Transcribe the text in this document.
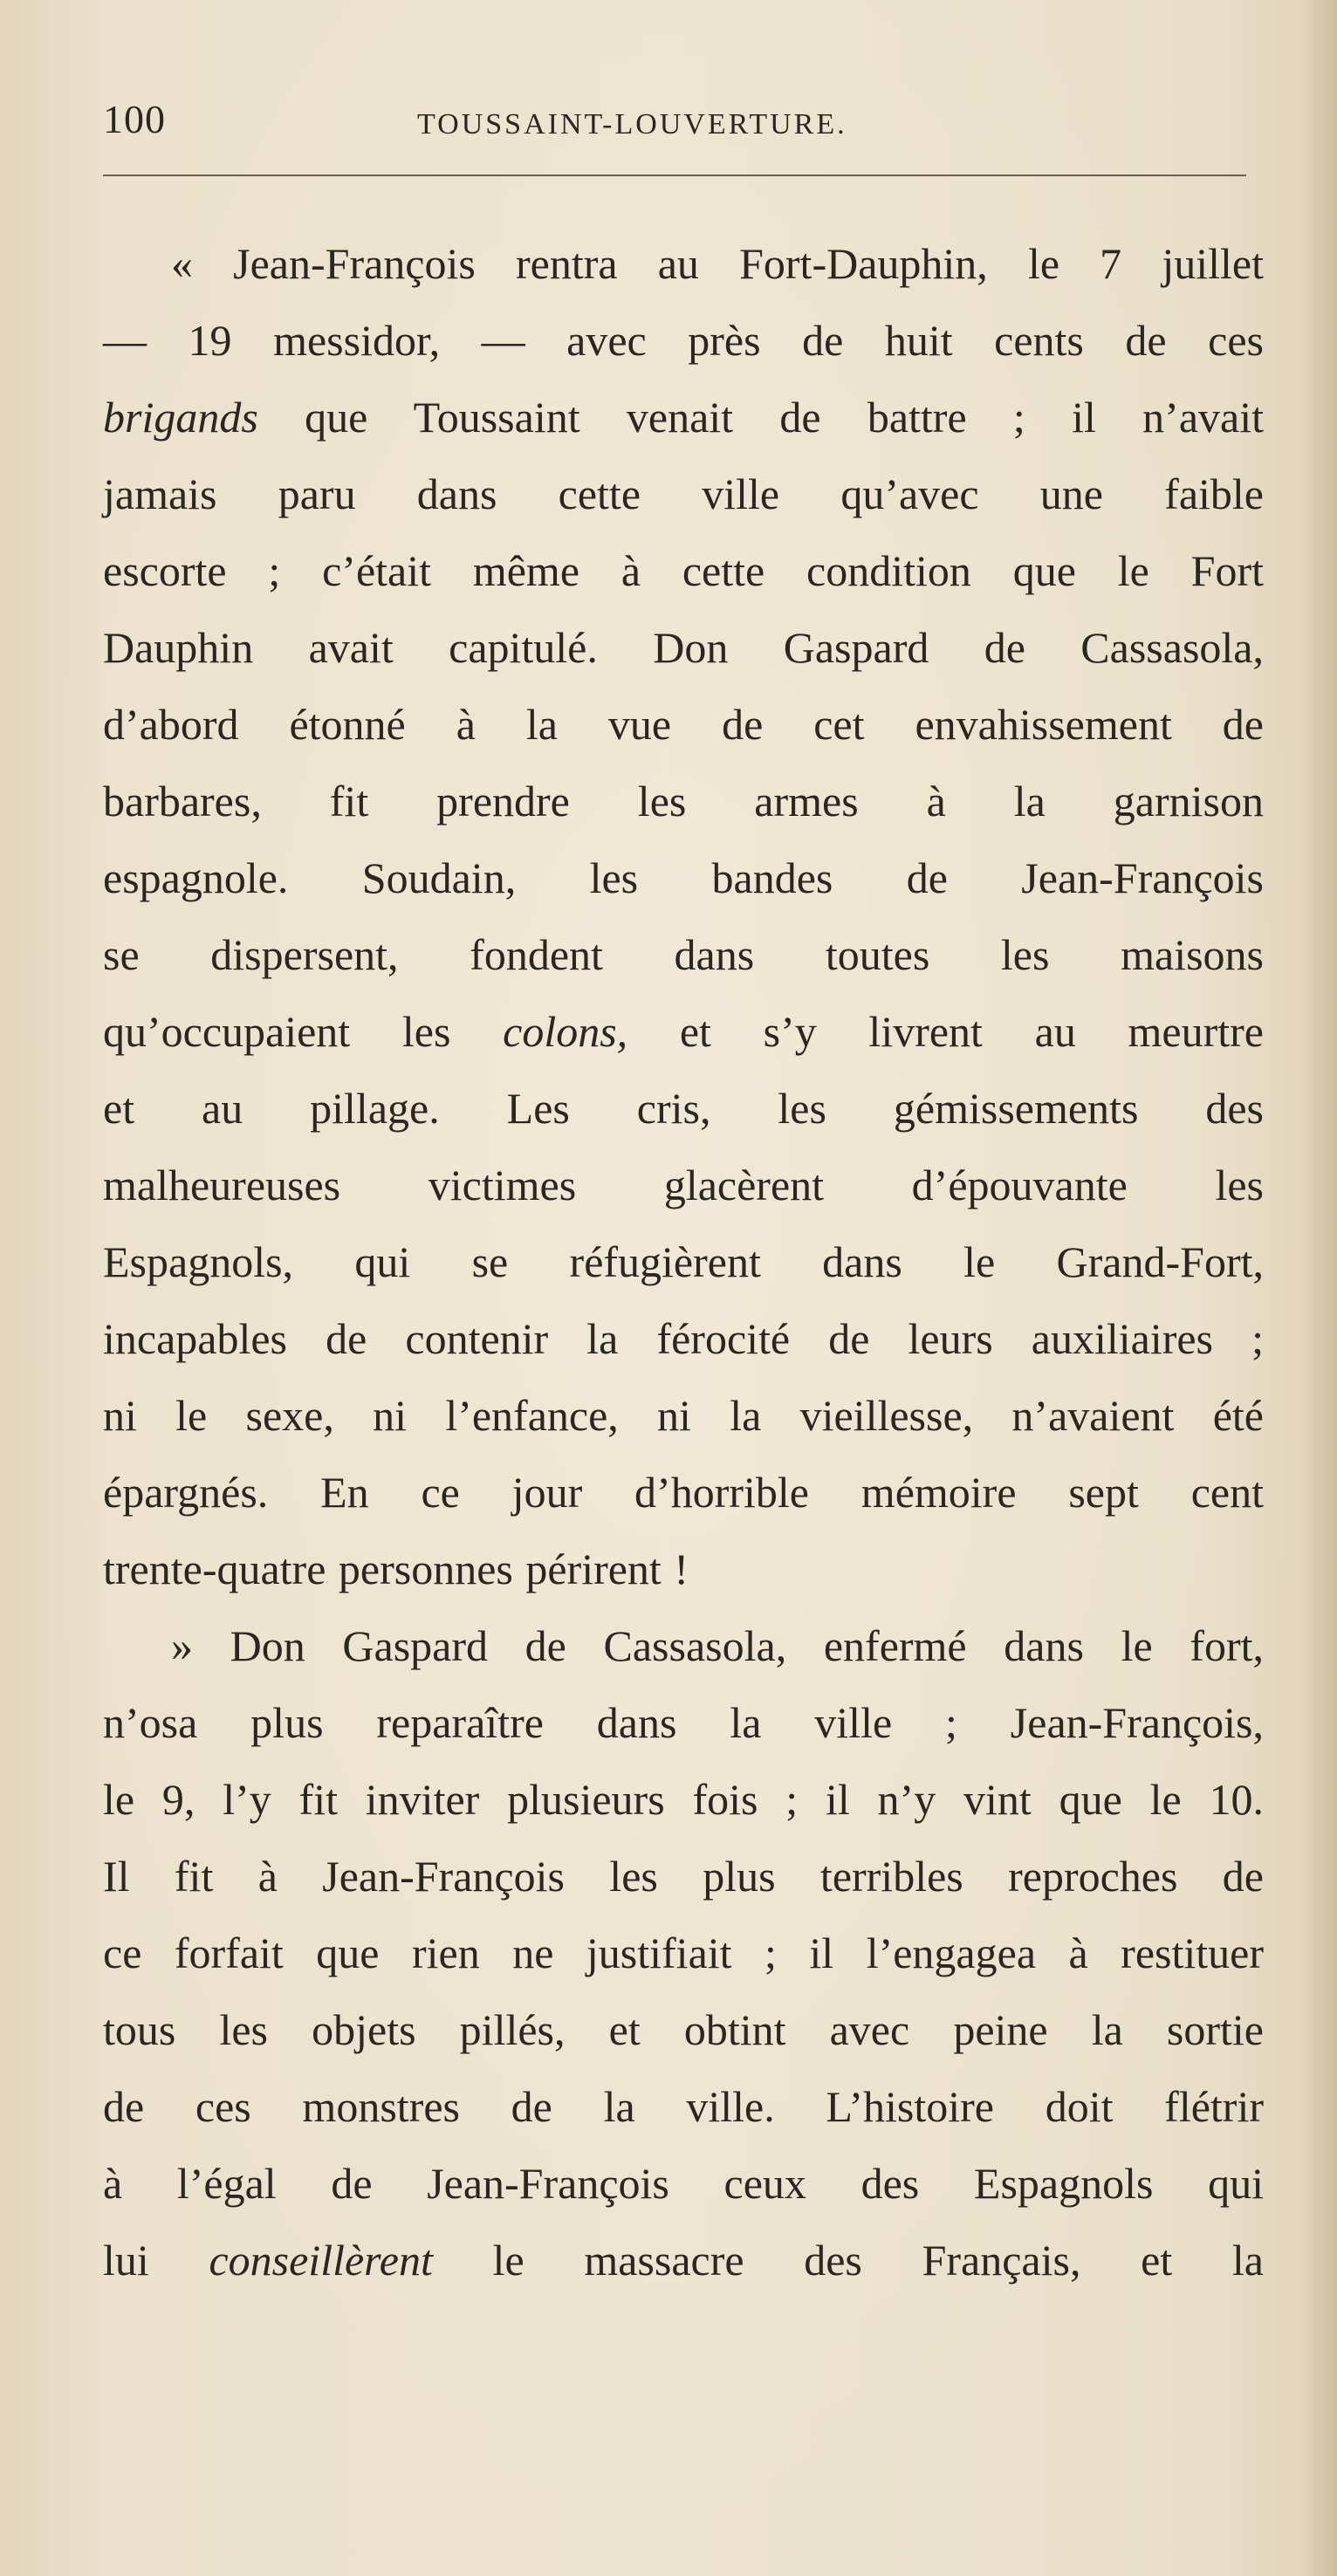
100	TOUSSAINT-LOUVERTURE.
« Jean-François rentra au Fort-Dauphin, le 7 juillet
— 19 messidor, — avec près de huit cents de ces
brigands que Toussaint venait de battre ; il n’avait
jamais paru dans cette ville qu’avec une faible
escorte ; c’était même à cette condition que le Fort
Dauphin avait capitulé. Don Gaspard de Cassasola,
d’abord étonné à la vue de cet envahissement de
barbares, fit prendre les armes à la garnison
espagnole. Soudain, les bandes de Jean-François
se dispersent, fondent dans toutes les maisons
qu’occupaient les colons, et s’y livrent au meurtre
et au pillage. Les cris, les gémissements des
malheureuses victimes glacèrent d’épouvante les
Espagnols, qui se réfugièrent dans le Grand-Fort,
incapables de contenir la férocité de leurs auxiliaires ;
ni le sexe, ni l’enfance, ni la vieillesse, n’avaient été
épargnés. En ce jour d’horrible mémoire sept cent
trente-quatre personnes périrent !
» Don Gaspard de Cassasola, enfermé dans le fort,
n’osa plus reparaître dans la ville ; Jean-François,
le 9, l’y fit inviter plusieurs fois ; il n’y vint que le 10.
Il fit à Jean-François les plus terribles reproches de
ce forfait que rien ne justifiait ; il l’engagea à restituer
tous les objets pillés, et obtint avec peine la sortie
de ces monstres de la ville. L’histoire doit flétrir
à l’égal de Jean-François ceux des Espagnols qui
lui conseillèrent le massacre des Français, et la
